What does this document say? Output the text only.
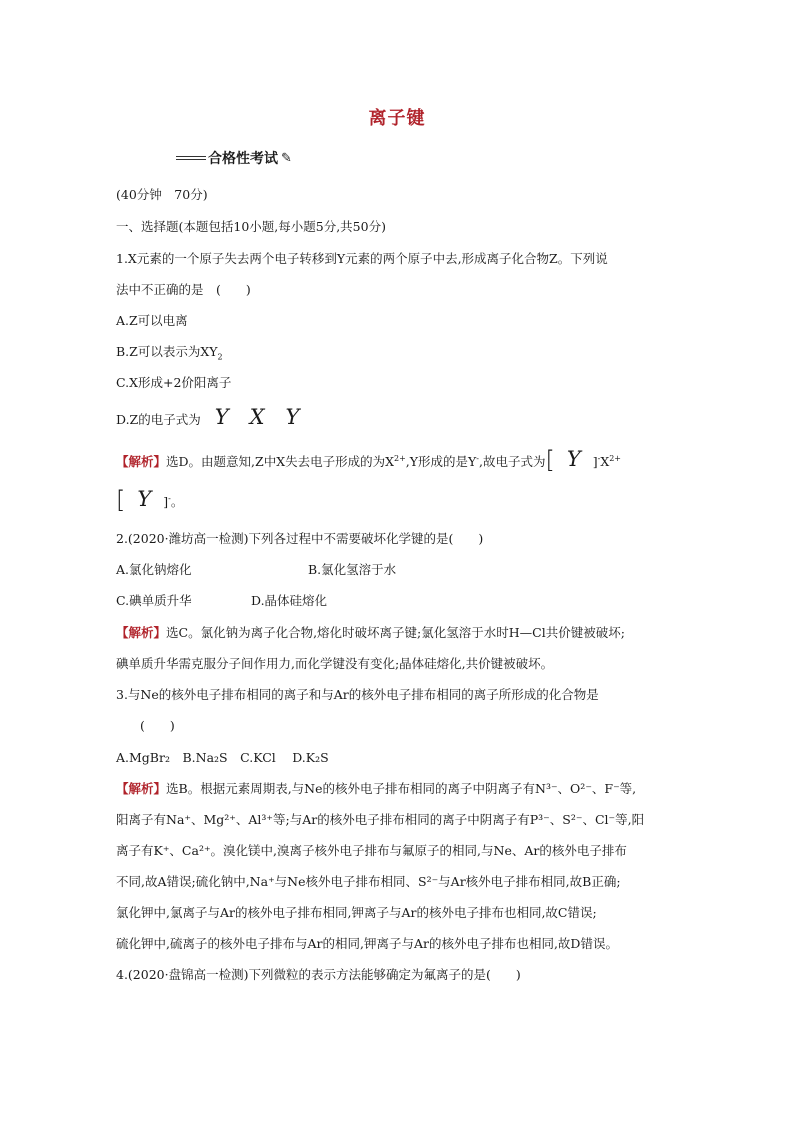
离子键
合格性考试 ✎
(40分钟　70分)
一、选择题(本题包括10小题,每小题5分,共50分)
1.X元素的一个原子失去两个电子转移到Y元素的两个原子中去,形成离子化合物Z。下列说
法中不正确的是　(　　)
A.Z可以电离
B.Z可以表示为$XY_2$
C.X形成+2价阳离子
D.Z的电子式为 Y　X　Y
【解析】选D。由题意知,Z中X失去电子形成的为$X^{2+},Y$形成的是Y-,故电子式为[ Y ]$^-X^{2+}$
[ Y ]-。
2.(2020·潍坊高一检测)下列各过程中不需要破坏化学键的是(　　)
A.氯化钠熔化	B.氯化氢溶于水
C.碘单质升华	D.晶体硅熔化
【解析】选C。氯化钠为离子化合物,熔化时破坏离子键;氯化氢溶于水时H—Cl共价键被破坏;
碘单质升华需克服分子间作用力,而化学键没有变化;晶体硅熔化,共价键被破坏。
3.与Ne的核外电子排布相同的离子和与Ar的核外电子排布相同的离子所形成的化合物是
(　　)
A.MgBr₂　B.Na₂S　C.KCl　 D.K₂S
【解析】选B。根据元素周期表,与Ne的核外电子排布相同的离子中阴离子有N³⁻、O²⁻、F⁻等,
阳离子有Na⁺、Mg²⁺、Al³⁺等;与Ar的核外电子排布相同的离子中阴离子有P³⁻、S²⁻、Cl⁻等,阳
离子有K⁺、Ca²⁺。溴化镁中,溴离子核外电子排布与氟原子的相同,与Ne、Ar的核外电子排布
不同,故A错误;硫化钠中,Na⁺与Ne核外电子排布相同、S²⁻与Ar核外电子排布相同,故B正确;
氯化钾中,氯离子与Ar的核外电子排布相同,钾离子与Ar的核外电子排布也相同,故C错误;
硫化钾中,硫离子的核外电子排布与Ar的相同,钾离子与Ar的核外电子排布也相同,故D错误。
4.(2020·盘锦高一检测)下列微粒的表示方法能够确定为氟离子的是(　　)
